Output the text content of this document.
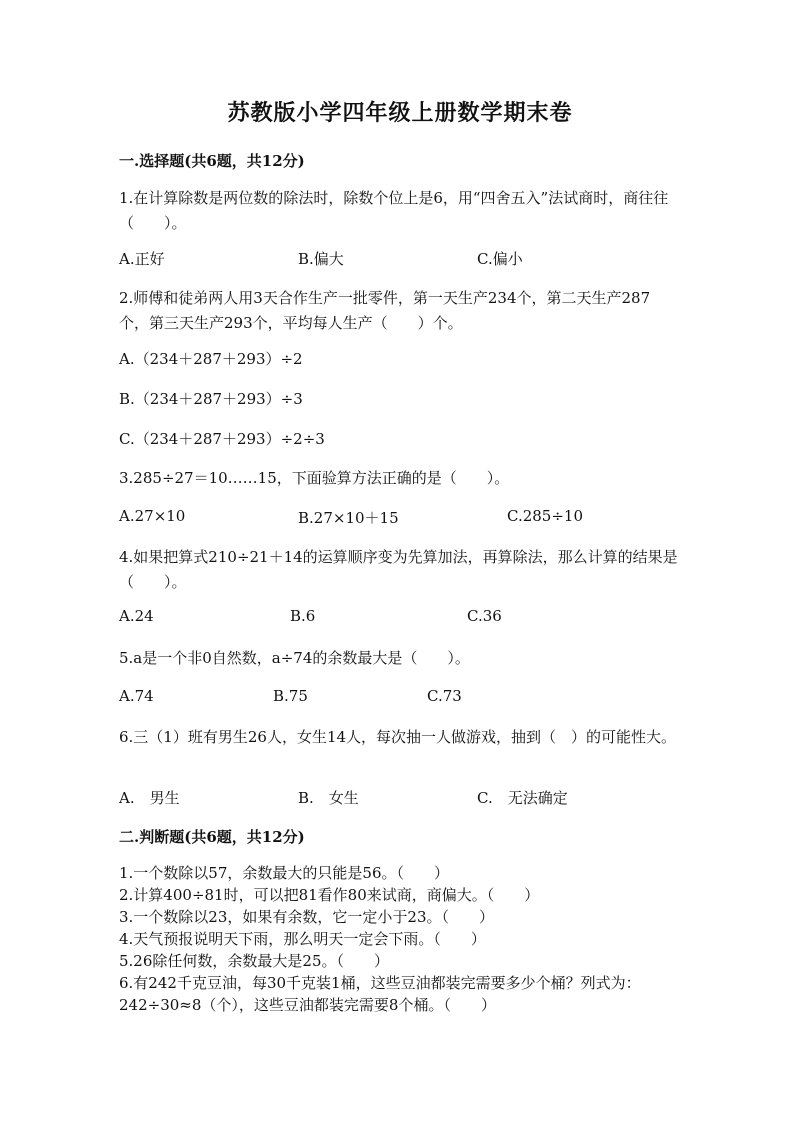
苏教版小学四年级上册数学期末卷
一.选择题(共6题，共12分)
1.在计算除数是两位数的除法时，除数个位上是6，用“四舍五入”法试商时，商往往（　　）。
A.正好	B.偏大	C.偏小
2.师傅和徒弟两人用3天合作生产一批零件，第一天生产234个，第二天生产287个，第三天生产293个，平均每人生产（　　）个。
A.（234＋287＋293）÷2
B.（234＋287＋293）÷3
C.（234＋287＋293）÷2÷3
3.285÷27＝10……15，下面验算方法正确的是（　　）。
A.27×10	B.27×10＋15	C.285÷10
4.如果把算式210÷21＋14的运算顺序变为先算加法，再算除法，那么计算的结果是（　　）。
A.24	B.6	C.36
5.a是一个非0自然数，a÷74的余数最大是（　　）。
A.74	B.75	C.73
6.三（1）班有男生26人，女生14人，每次抽一人做游戏，抽到（　）的可能性大。
A.　男生	B.　女生	C.　无法确定
二.判断题(共6题，共12分)
1.一个数除以57，余数最大的只能是56。（　　）
2.计算400÷81时，可以把81看作80来试商，商偏大。（　　）
3.一个数除以23，如果有余数，它一定小于23。（　　）
4.天气预报说明天下雨，那么明天一定会下雨。（　　）
5.26除任何数，余数最大是25。（　　）
6.有242千克豆油，每30千克装1桶，这些豆油都装完需要多少个桶？列式为：242÷30≈8（个），这些豆油都装完需要8个桶。（　　）
